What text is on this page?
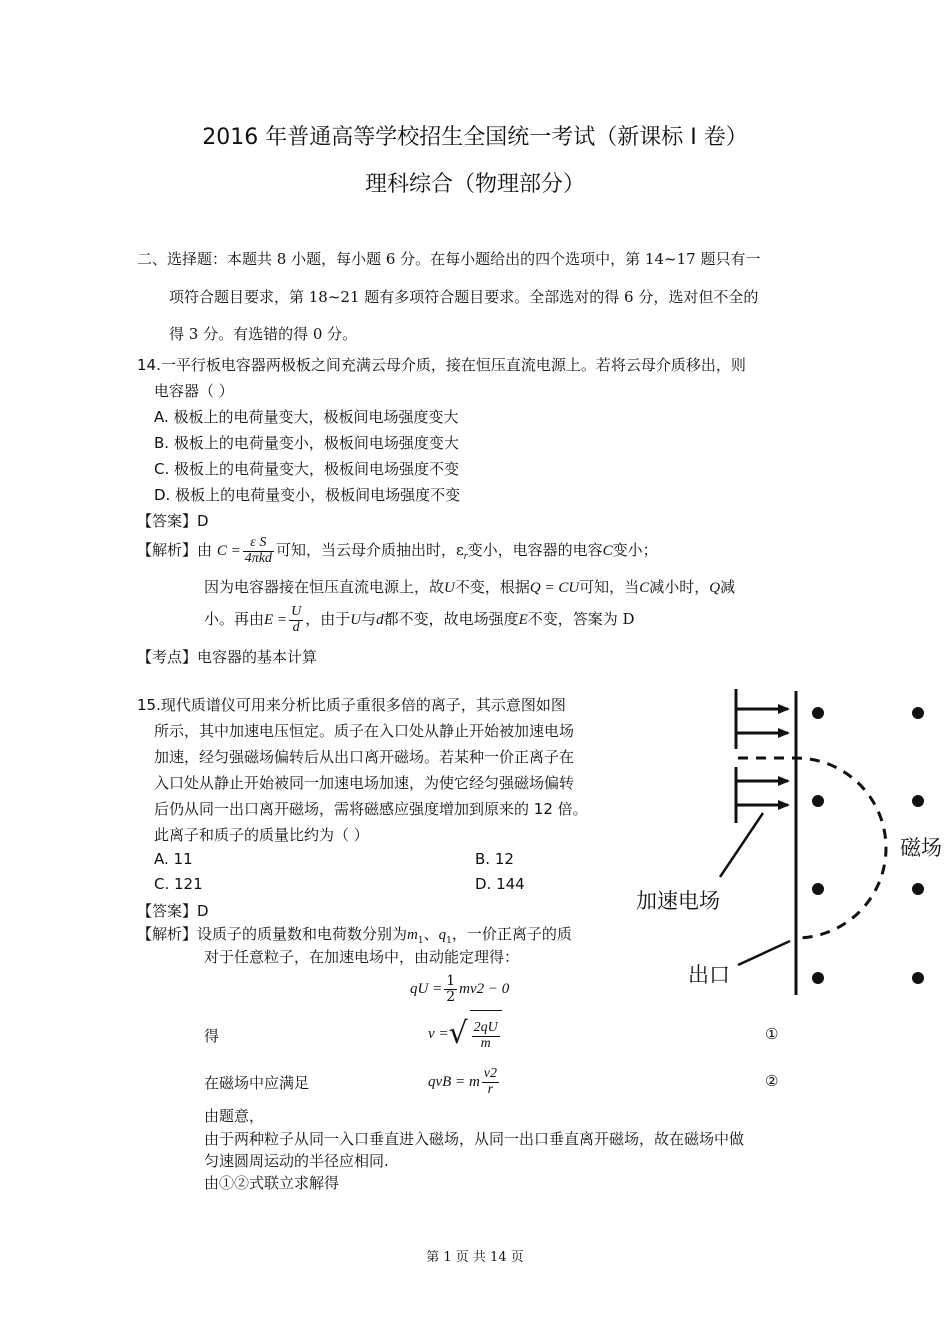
2016 年普通高等学校招生全国统一考试（新课标 I 卷）
理科综合（物理部分）
二、选择题：本题共 8 小题，每小题 6 分。在每小题给出的四个选项中，第 14~17 题只有一
项符合题目要求，第 18~21 题有多项符合题目要求。全部选对的得 6 分，选对但不全的
得 3 分。有选错的得 0 分。
14.一平行板电容器两极板之间充满云母介质，接在恒压直流电源上。若将云母介质移出，则
电容器（ ）
A. 极板上的电荷量变大，极板间电场强度变大
B. 极板上的电荷量变小，极板间电场强度变大
C. 极板上的电荷量变大，极板间电场强度不变
D. 极板上的电荷量变小，极板间电场强度不变
【答案】D
【解析】由 $C = \frac{\text{ε S}}{\text{4πkd}}$ 可知，当云母介质抽出时，$\varepsilon_r$变小，电容器的电容C变小；
因为电容器接在恒压直流电源上，故U不变，根据Q = CU可知，当C减小时，Q减
小。再由$E = \frac{U}{d}$ ，由于U与d都不变，故电场强度E不变，答案为 D
【考点】电容器的基本计算
15.现代质谱仪可用来分析比质子重很多倍的离子，其示意图如图
所示，其中加速电压恒定。质子在入口处从静止开始被加速电场
加速，经匀强磁场偏转后从出口离开磁场。若某种一价正离子在
入口处从静止开始被同一加速电场加速，为使它经匀强磁场偏转
后仍从同一出口离开磁场，需将磁感应强度增加到原来的 12 倍。
此离子和质子的质量比约为（ ）
A. 11	B. 12
C. 121	D. 144
【答案】D
【解析】设质子的质量数和电荷数分别为$m_1$、$q_1$，一价正离子的质
对于任意粒子，在加速电场中，由动能定理得：
qU = $\frac{1}{2} mv2 - 0$
得	v =√ $\frac{2qU}{m}$	①
在磁场中应满足	qvB = m $\frac{v2}{r}$	②
由题意，
由于两种粒子从同一入口垂直进入磁场，从同一出口垂直离开磁场，故在磁场中做
匀速圆周运动的半径应相同.
由①②式联立求解得
磁场
加速电场
出口
第 1 页 共 14 页
